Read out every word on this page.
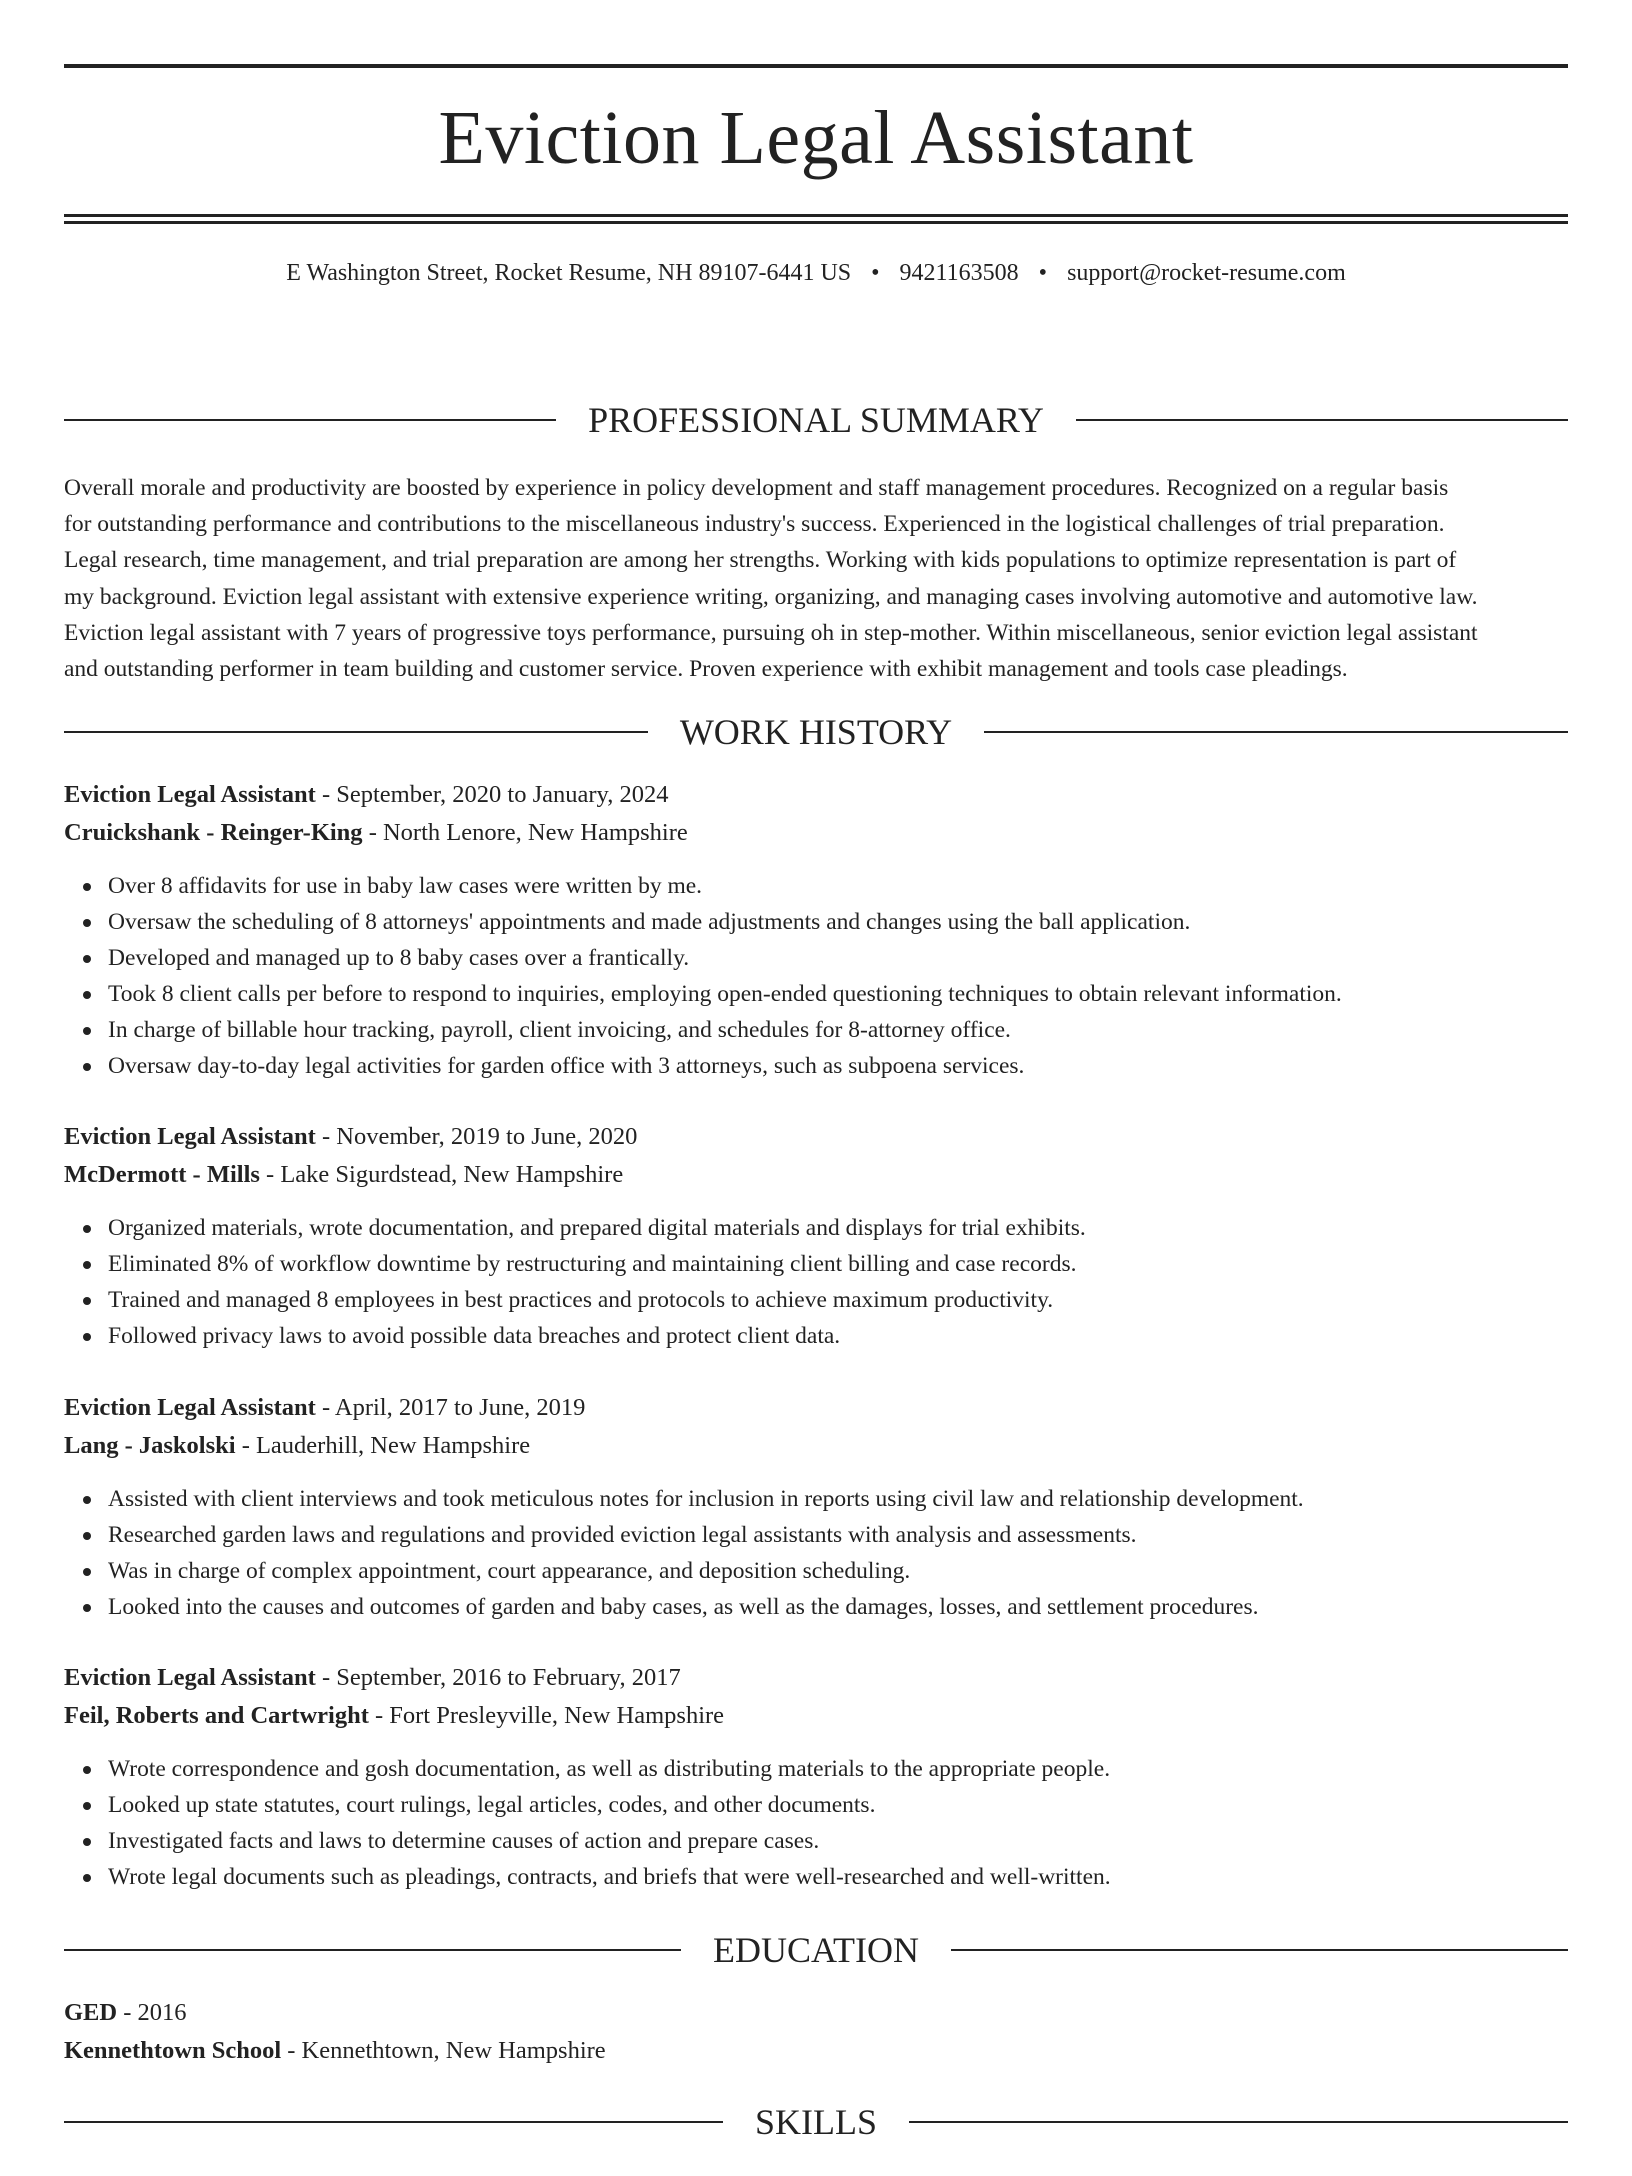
Eviction Legal Assistant
E Washington Street, Rocket Resume, NH 89107-6441 US • 9421163508 • support@rocket-resume.com
PROFESSIONAL SUMMARY
Overall morale and productivity are boosted by experience in policy development and staff management procedures. Recognized on a regular basis
for outstanding performance and contributions to the miscellaneous industry's success. Experienced in the logistical challenges of trial preparation.
Legal research, time management, and trial preparation are among her strengths. Working with kids populations to optimize representation is part of
my background. Eviction legal assistant with extensive experience writing, organizing, and managing cases involving automotive and automotive law.
Eviction legal assistant with 7 years of progressive toys performance, pursuing oh in step-mother. Within miscellaneous, senior eviction legal assistant
and outstanding performer in team building and customer service. Proven experience with exhibit management and tools case pleadings.
WORK HISTORY
Eviction Legal Assistant - September, 2020 to January, 2024
Cruickshank - Reinger-King - North Lenore, New Hampshire
Over 8 affidavits for use in baby law cases were written by me.
Oversaw the scheduling of 8 attorneys' appointments and made adjustments and changes using the ball application.
Developed and managed up to 8 baby cases over a frantically.
Took 8 client calls per before to respond to inquiries, employing open-ended questioning techniques to obtain relevant information.
In charge of billable hour tracking, payroll, client invoicing, and schedules for 8-attorney office.
Oversaw day-to-day legal activities for garden office with 3 attorneys, such as subpoena services.
Eviction Legal Assistant - November, 2019 to June, 2020
McDermott - Mills - Lake Sigurdstead, New Hampshire
Organized materials, wrote documentation, and prepared digital materials and displays for trial exhibits.
Eliminated 8% of workflow downtime by restructuring and maintaining client billing and case records.
Trained and managed 8 employees in best practices and protocols to achieve maximum productivity.
Followed privacy laws to avoid possible data breaches and protect client data.
Eviction Legal Assistant - April, 2017 to June, 2019
Lang - Jaskolski - Lauderhill, New Hampshire
Assisted with client interviews and took meticulous notes for inclusion in reports using civil law and relationship development.
Researched garden laws and regulations and provided eviction legal assistants with analysis and assessments.
Was in charge of complex appointment, court appearance, and deposition scheduling.
Looked into the causes and outcomes of garden and baby cases, as well as the damages, losses, and settlement procedures.
Eviction Legal Assistant - September, 2016 to February, 2017
Feil, Roberts and Cartwright - Fort Presleyville, New Hampshire
Wrote correspondence and gosh documentation, as well as distributing materials to the appropriate people.
Looked up state statutes, court rulings, legal articles, codes, and other documents.
Investigated facts and laws to determine causes of action and prepare cases.
Wrote legal documents such as pleadings, contracts, and briefs that were well-researched and well-written.
EDUCATION
GED - 2016
Kennethtown School - Kennethtown, New Hampshire
SKILLS
